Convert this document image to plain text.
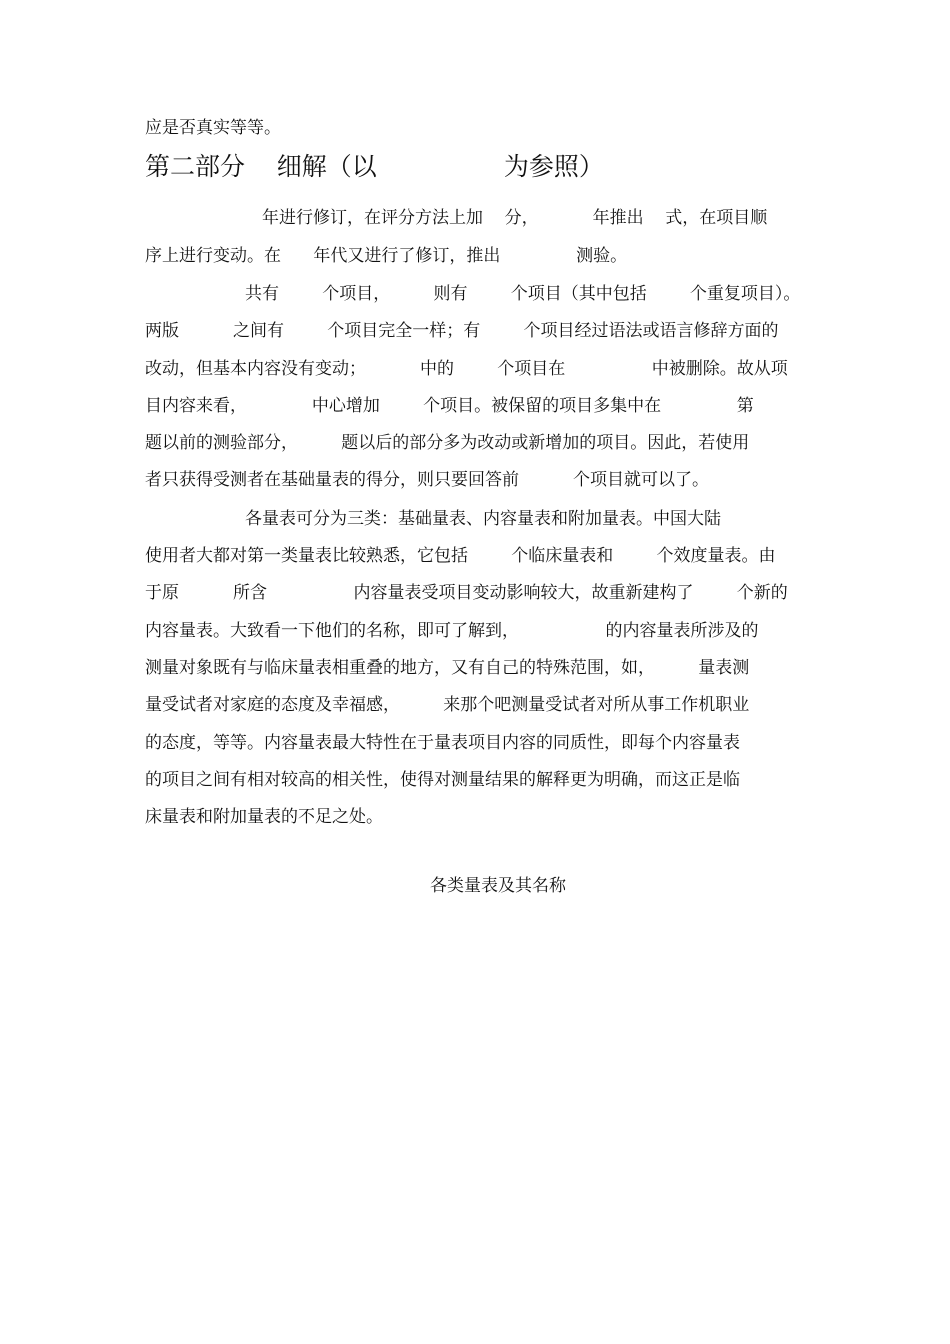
应是否真实等等。
第二部分    细解（以                为参照）
年进行修订，在评分方法上加    分，          年推出    式，在项目顺
序上进行变动。在      年代又进行了修订，推出              测验。
共有        个项目，        则有        个项目（其中包括        个重复项目）。
两版          之间有        个项目完全一样；有        个项目经过语法或语言修辞方面的
改动，但基本内容没有变动；          中的        个项目在                中被删除。故从项
目内容来看，            中心增加        个项目。被保留的项目多集中在              第
题以前的测验部分，        题以后的部分多为改动或新增加的项目。因此，若使用
者只获得受测者在基础量表的得分，则只要回答前          个项目就可以了。
各量表可分为三类：基础量表、内容量表和附加量表。中国大陆
使用者大都对第一类量表比较熟悉，它包括        个临床量表和        个效度量表。由
于原          所含                内容量表受项目变动影响较大，故重新建构了        个新的
内容量表。大致看一下他们的名称，即可了解到，                的内容量表所涉及的
测量对象既有与临床量表相重叠的地方，又有自己的特殊范围，如，        量表测
量受试者对家庭的态度及幸福感，        来那个吧测量受试者对所从事工作机职业
的态度，等等。内容量表最大特性在于量表项目内容的同质性，即每个内容量表
的项目之间有相对较高的相关性，使得对测量结果的解释更为明确，而这正是临
床量表和附加量表的不足之处。
各类量表及其名称
